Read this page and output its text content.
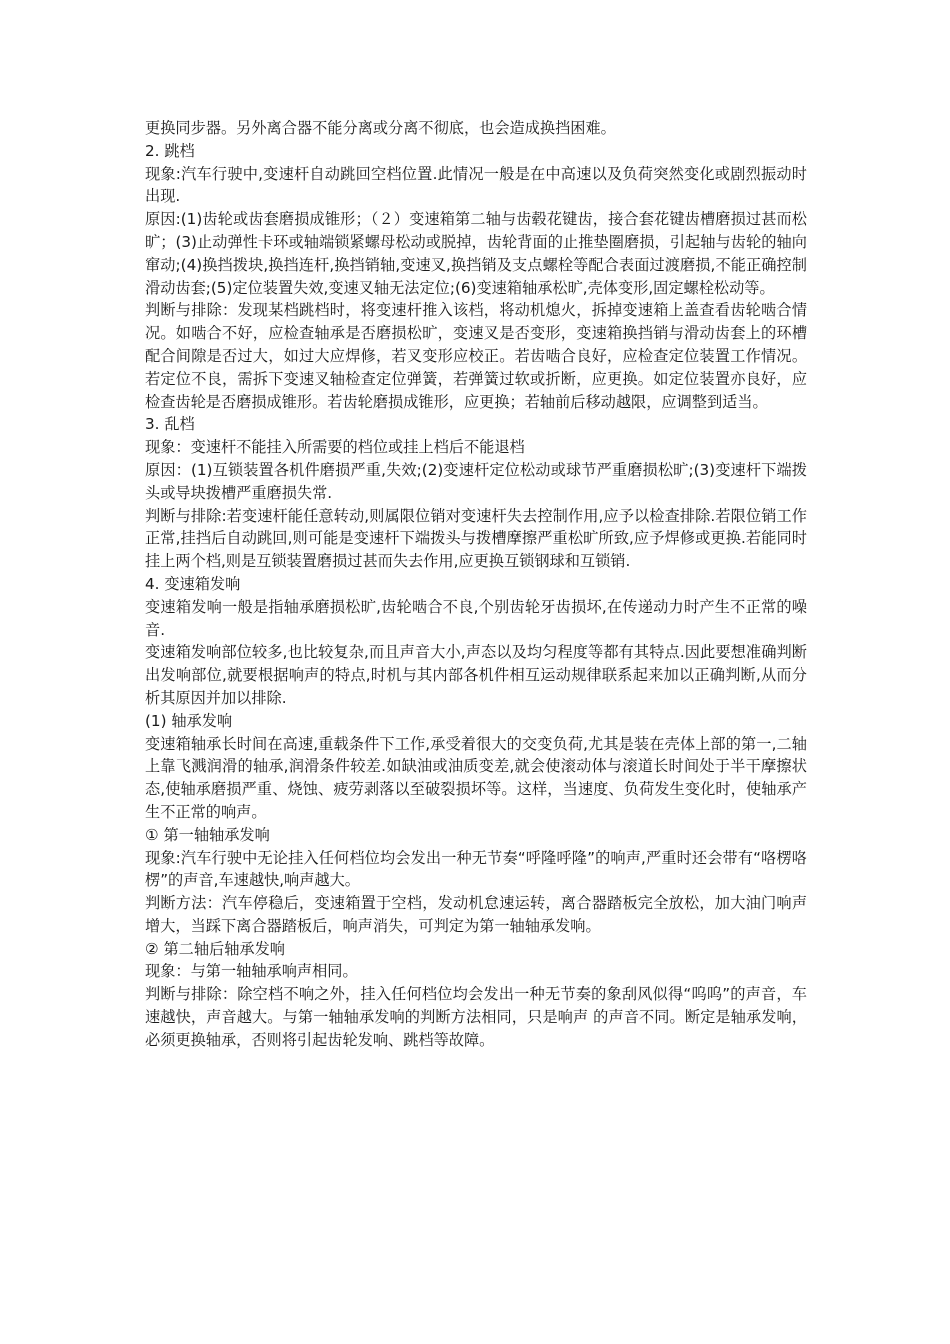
更换同步器。另外离合器不能分离或分离不彻底，也会造成换挡困难。

2. 跳档

现象:汽车行驶中,变速杆自动跳回空档位置.此情况一般是在中高速以及负荷突然变化或剧烈振动时出现.

原因:(1)齿轮或齿套磨损成锥形；（２）变速箱第二轴与齿毂花键齿，接合套花键齿槽磨损过甚而松旷；(3)止动弹性卡环或轴端锁紧螺母松动或脱掉，齿轮背面的止推垫圈磨损，引起轴与齿轮的轴向窜动;(4)换挡拨块,换挡连杆,换挡销轴,变速叉,换挡销及支点螺栓等配合表面过渡磨损,不能正确控制滑动齿套;(5)定位装置失效,变速叉轴无法定位;(6)变速箱轴承松旷,壳体变形,固定螺栓松动等。

判断与排除：发现某档跳档时，将变速杆推入该档，将动机熄火，拆掉变速箱上盖查看齿轮啮合情况。如啮合不好，应检查轴承是否磨损松旷，变速叉是否变形，变速箱换挡销与滑动齿套上的环槽配合间隙是否过大，如过大应焊修，若叉变形应校正。若齿啮合良好，应检查定位装置工作情况。若定位不良，需拆下变速叉轴检查定位弹簧，若弹簧过软或折断，应更换。如定位装置亦良好，应检查齿轮是否磨损成锥形。若齿轮磨损成锥形，应更换；若轴前后移动越限，应调整到适当。

3. 乱档

现象：变速杆不能挂入所需要的档位或挂上档后不能退档

原因：(1)互锁装置各机件磨损严重,失效;(2)变速杆定位松动或球节严重磨损松旷;(3)变速杆下端拨头或导块拨槽严重磨损失常.

判断与排除:若变速杆能任意转动,则属限位销对变速杆失去控制作用,应予以检查排除.若限位销工作正常,挂挡后自动跳回,则可能是变速杆下端拨头与拨槽摩擦严重松旷所致,应予焊修或更换.若能同时挂上两个档,则是互锁装置磨损过甚而失去作用,应更换互锁钢球和互锁销.

4. 变速箱发响

变速箱发响一般是指轴承磨损松旷,齿轮啮合不良,个别齿轮牙齿损坏,在传递动力时产生不正常的噪音.

变速箱发响部位较多,也比较复杂,而且声音大小,声态以及均匀程度等都有其特点.因此要想准确判断出发响部位,就要根据响声的特点,时机与其内部各机件相互运动规律联系起来加以正确判断,从而分析其原因并加以排除.

(1) 轴承发响

变速箱轴承长时间在高速,重载条件下工作,承受着很大的交变负荷,尤其是装在壳体上部的第一,二轴上靠飞溅润滑的轴承,润滑条件较差.如缺油或油质变差,就会使滚动体与滚道长时间处于半干摩擦状态,使轴承磨损严重、烧蚀、疲劳剥落以至破裂损坏等。这样，当速度、负荷发生变化时，使轴承产生不正常的响声。

① 第一轴轴承发响

现象:汽车行驶中无论挂入任何档位均会发出一种无节奏“呼隆呼隆”的响声,严重时还会带有“咯楞咯楞”的声音,车速越快,响声越大。

判断方法：汽车停稳后，变速箱置于空档，发动机怠速运转，离合器踏板完全放松，加大油门响声增大，当踩下离合器踏板后，响声消失，可判定为第一轴轴承发响。

② 第二轴后轴承发响

现象：与第一轴轴承响声相同。

判断与排除：除空档不响之外，挂入任何档位均会发出一种无节奏的象刮风似得“呜呜”的声音，车速越快，声音越大。与第一轴轴承发响的判断方法相同，只是响声 的声音不同。断定是轴承发响，必须更换轴承，否则将引起齿轮发响、跳档等故障。
